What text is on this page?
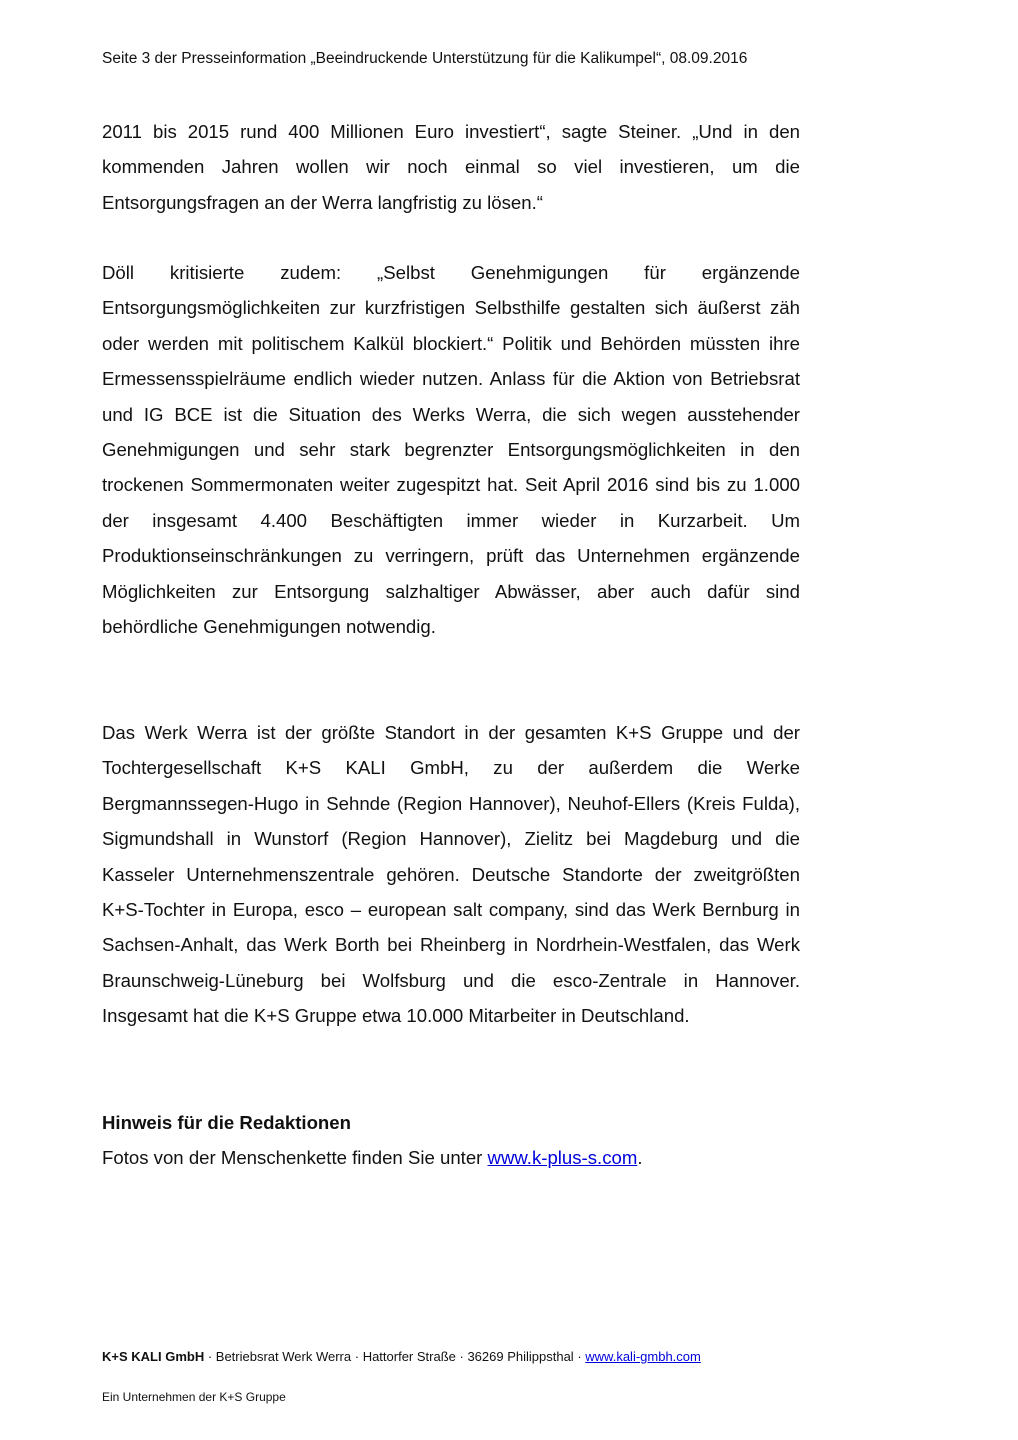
Seite 3 der Presseinformation „Beeindruckende Unterstützung für die Kalikumpel“, 08.09.2016

2011 bis 2015 rund 400 Millionen Euro investiert“, sagte Steiner. „Und in den kommenden Jahren wollen wir noch einmal so viel investieren, um die Entsorgungsfragen an der Werra langfristig zu lösen.“

Döll kritisierte zudem: „Selbst Genehmigungen für ergänzende Entsorgungsmöglichkeiten zur kurzfristigen Selbsthilfe gestalten sich äußerst zäh oder werden mit politischem Kalkül blockiert.“ Politik und Behörden müssten ihre Ermessensspielräume endlich wieder nutzen. Anlass für die Aktion von Betriebsrat und IG BCE ist die Situation des Werks Werra, die sich wegen ausstehender Genehmigungen und sehr stark begrenzter Entsorgungsmöglichkeiten in den trockenen Sommermonaten weiter zugespitzt hat. Seit April 2016 sind bis zu 1.000 der insgesamt 4.400 Beschäftigten immer wieder in Kurzarbeit. Um Produktionseinschränkungen zu verringern, prüft das Unternehmen ergänzende Möglichkeiten zur Entsorgung salzhaltiger Abwässer, aber auch dafür sind behördliche Genehmigungen notwendig.

Das Werk Werra ist der größte Standort in der gesamten K+S Gruppe und der Tochtergesellschaft K+S KALI GmbH, zu der außerdem die Werke Bergmannssegen-Hugo in Sehnde (Region Hannover), Neuhof-Ellers (Kreis Fulda), Sigmundshall in Wunstorf (Region Hannover), Zielitz bei Magdeburg und die Kasseler Unternehmenszentrale gehören. Deutsche Standorte der zweitgrößten K+S-Tochter in Europa, esco – european salt company, sind das Werk Bernburg in Sachsen-Anhalt, das Werk Borth bei Rheinberg in Nordrhein-Westfalen, das Werk Braunschweig-Lüneburg bei Wolfsburg und die esco-Zentrale in Hannover. Insgesamt hat die K+S Gruppe etwa 10.000 Mitarbeiter in Deutschland.

Hinweis für die Redaktionen

Fotos von der Menschenkette finden Sie unter www.k-plus-s.com.

K+S KALI GmbH · Betriebsrat Werk Werra · Hattorfer Straße · 36269 Philippsthal · www.kali-gmbh.com
Ein Unternehmen der K+S Gruppe
